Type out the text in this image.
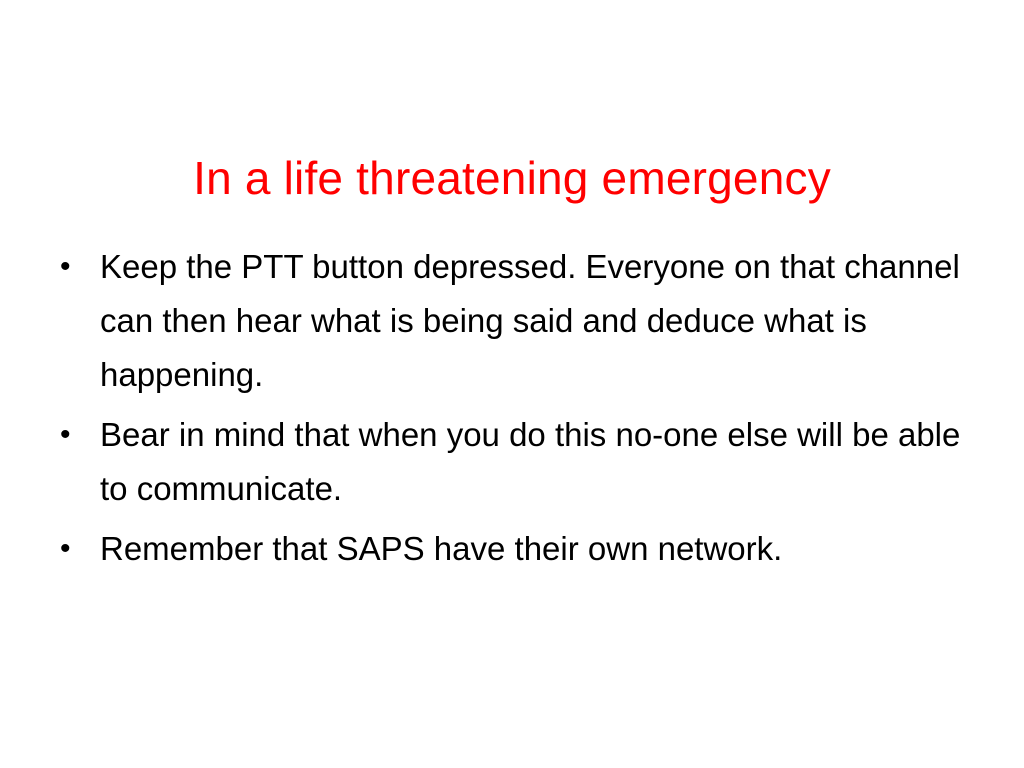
In a life threatening emergency
• Keep the PTT button depressed. Everyone on that channel can then hear what is being said and deduce what is happening.
• Bear in mind that when you do this no-one else will be able to communicate.
• Remember that SAPS have their own network.
